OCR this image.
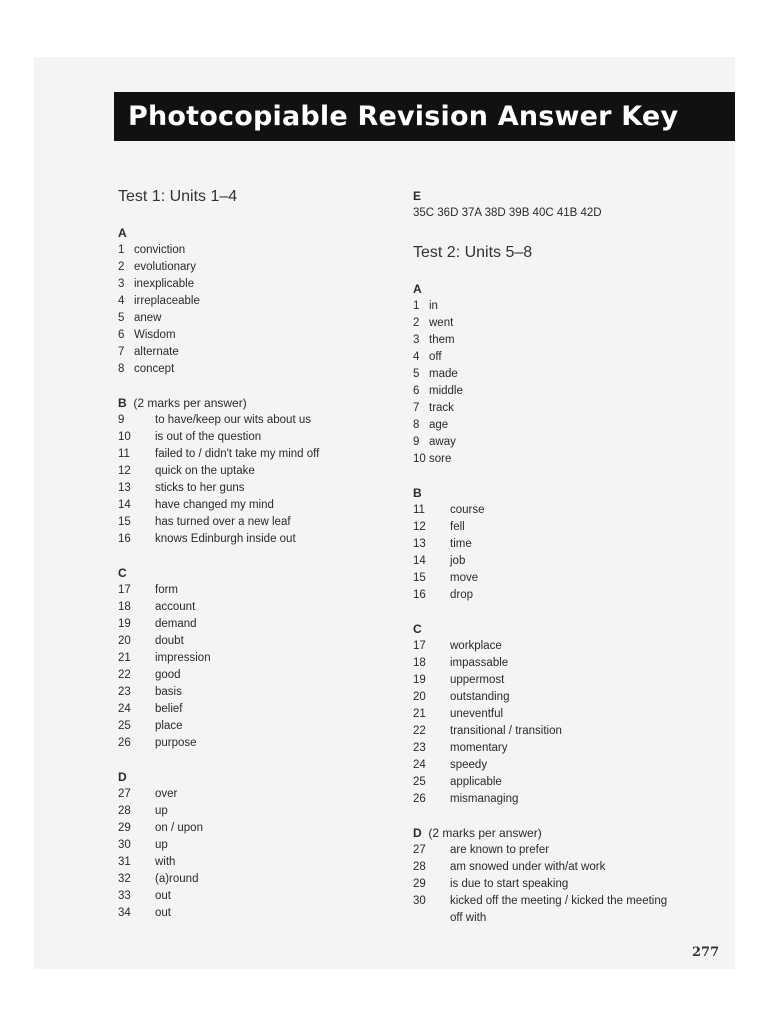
Photocopiable Revision Answer Key
Test 1: Units 1–4
A
1 conviction
2 evolutionary
3 inexplicable
4 irreplaceable
5 anew
6 Wisdom
7 alternate
8 concept
B (2 marks per answer)
9	to have/keep our wits about us
10 is out of the question
11 failed to / didn't take my mind off
12 quick on the uptake
13 sticks to her guns
14 have changed my mind
15 has turned over a new leaf
16 knows Edinburgh inside out
C
17 form
18 account
19 demand
20 doubt
21 impression
22 good
23 basis
24 belief
25 place
26 purpose
D
27 over
28 up
29 on / upon
30 up
31 with
32 (a)round
33 out
34 out
E
35C 36D 37A 38D 39B 40C 41B 42D
Test 2: Units 5–8
A
1 in
2 went
3 them
4 off
5 made
6 middle
7 track
8 age
9 away
10 sore
B
11 course
12 fell
13 time
14 job
15 move
16 drop
C
17 workplace
18 impassable
19 uppermost
20 outstanding
21 uneventful
22 transitional / transition
23 momentary
24 speedy
25 applicable
26 mismanaging
D (2 marks per answer)
27 are known to prefer
28 am snowed under with/at work
29 is due to start speaking
30 kicked off the meeting / kicked the meeting
off with
277
